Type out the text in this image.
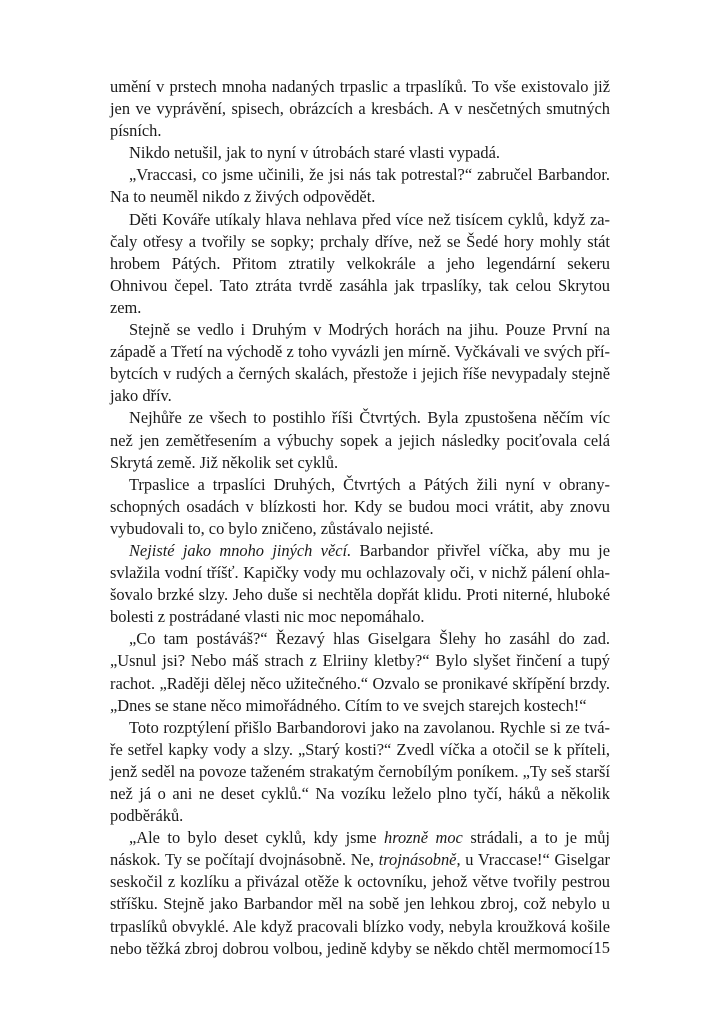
umění v prstech mnoha nadaných trpaslic a trpaslíků. To vše existovalo již jen ve vyprávění, spisech, obrázcích a kresbách. A v nesčetných smutných písních.

Nikdo netušil, jak to nyní v útrobách staré vlasti vypadá.

„Vraccasi, co jsme učinili, že jsi nás tak potrestal?“ zabručel Barbandor. Na to neuměl nikdo z živých odpovědět.

Děti Kováře utíkaly hlava nehlava před více než tisícem cyklů, když začaly otřesy a tvořily se sopky; prchaly dříve, než se Šedé hory mohly stát hrobem Pátých. Přitom ztratily velkokrále a jeho legendární sekeru Ohnivou čepel. Tato ztráta tvrdě zasáhla jak trpaslíky, tak celou Skrytou zem.

Stejně se vedlo i Druhým v Modrých horách na jihu. Pouze První na západě a Třetí na východě z toho vyvázli jen mírně. Vyčkávali ve svých příbytcích v rudých a černých skalách, přestože i jejich říše nevypadaly stejně jako dřív.

Nejhůře ze všech to postihlo říši Čtvrtých. Byla zpustošena něčím víc než jen zemětřesením a výbuchy sopek a jejich následky pociťovala celá Skrytá země. Již několik set cyklů.

Trpaslice a trpaslíci Druhých, Čtvrtých a Pátých žili nyní v obranyschopných osadách v blízkosti hor. Kdy se budou moci vrátit, aby znovu vybudovali to, co bylo zničeno, zůstávalo nejisté.

Nejisté jako mnoho jiných věcí. Barbandor přivřel víčka, aby mu je svlažila vodní tříšť. Kapičky vody mu ochlazovaly oči, v nichž pálení ohlašovalo brzké slzy. Jeho duše si nechtěla dopřát klidu. Proti niterné, hluboké bolesti z postrádané vlasti nic moc nepomáhalo.

„Co tam postáváš?“ Řezavý hlas Giselgara Šlehy ho zasáhl do zad. „Usnul jsi? Nebo máš strach z Elriiny kletby?“ Bylo slyšet řinčení a tupý rachot. „Raději dělej něco užitečného.“ Ozvalo se pronikavé skřípění brzdy. „Dnes se stane něco mimořádného. Cítím to ve svejch starejch kostech!“

Toto rozptýlení přišlo Barbandorovi jako na zavolanou. Rychle si ze tváře setřel kapky vody a slzy. „Starý kosti?“ Zvedl víčka a otočil se k příteli, jenž seděl na povoze taženém strakatým černobílým poníkem. „Ty seš starší než já o ani ne deset cyklů.“ Na vozíku leželo plno tyčí, háků a několik podběráků.

„Ale to bylo deset cyklů, kdy jsme hrozně moc strádali, a to je můj náskok. Ty se počítají dvojnásobně. Ne, trojnásobně, u Vraccase!“ Giselgar seskočil z kozlíku a přivázal otěže k octovníku, jehož větve tvořily pestrou stříšku. Stejně jako Barbandor měl na sobě jen lehkou zbroj, což nebylo u trpaslíků obvyklé. Ale když pracovali blízko vody, nebyla kroužková košile nebo těžká zbroj dobrou volbou, jedině kdyby se někdo chtěl mermomocí 15
